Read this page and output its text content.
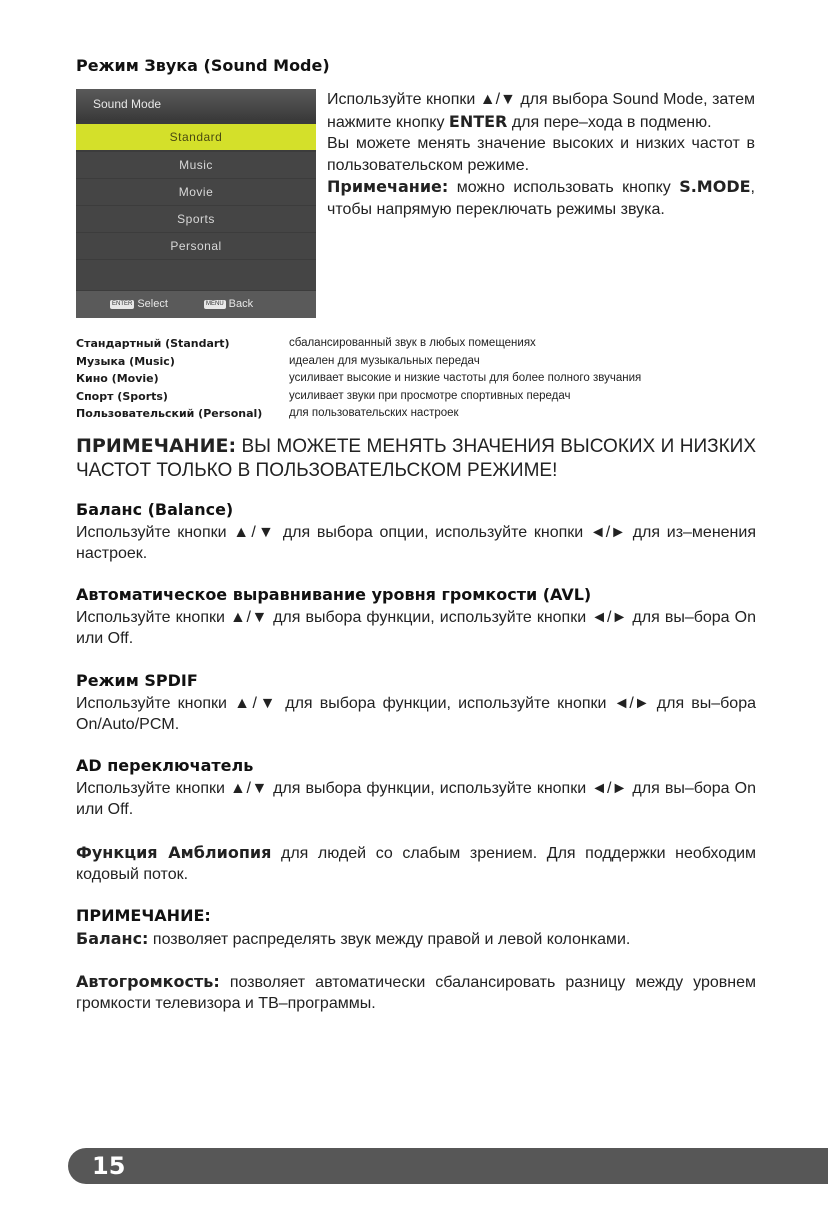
Режим Звука (Sound Mode)
Sound Mode
Standard
Music
Movie
Sports
Personal
ENTER Select	MENU Back
Используйте кнопки ▲/▼ для выбора Sound Mode, затем нажмите кнопку ENTER для пере–хода в подменю.
Вы можете менять значение высоких и низких частот в пользовательском режиме.
Примечание: можно использовать кнопку S.MODE, чтобы напрямую переключать режимы звука.
Стандартный (Standart)	сбалансированный звук в любых помещениях
Музыка (Music)	идеален для музыкальных передач
Кино (Movie)	усиливает высокие и низкие частоты для более полного звучания
Спорт (Sports)	усиливает звуки при просмотре спортивных передач
Пользовательский (Personal) для пользовательских настроек
ПРИМЕЧАНИЕ: ВЫ МОЖЕТЕ МЕНЯТЬ ЗНАЧЕНИЯ ВЫСОКИХ И НИЗКИХ ЧАСТОТ ТОЛЬКО В ПОЛЬЗОВАТЕЛЬСКОМ РЕЖИМЕ!
Баланс (Balance)
Используйте кнопки ▲/▼ для выбора опции, используйте кнопки ◄/► для из–менения настроек.
Автоматическое выравнивание уровня громкости (AVL)
Используйте кнопки ▲/▼ для выбора функции, используйте кнопки ◄/► для вы–бора On или Off.
Режим SPDIF
Используйте кнопки ▲/▼ для выбора функции, используйте кнопки ◄/► для вы–бора On/Auto/PCM.
AD переключатель
Используйте кнопки ▲/▼ для выбора функции, используйте кнопки ◄/► для вы–бора On или Off.
Функция Амблиопия для людей со слабым зрением. Для поддержки необходим кодовый поток.
ПРИМЕЧАНИЕ:
Баланс: позволяет распределять звук между правой и левой колонками.
Автогромкость: позволяет автоматически сбалансировать разницу между уровнем громкости телевизора и ТВ–программы.
15
